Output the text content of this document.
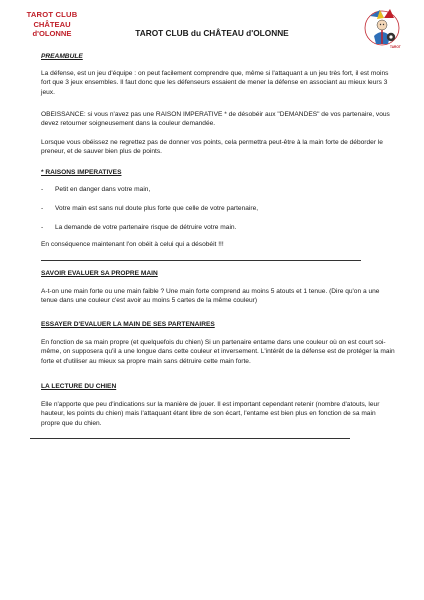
TAROT CLUB
CHÂTEAU d'OLONNE	TAROT CLUB du CHÂTEAU d'OLONNE
TAROT
PREAMBULE
La défense, est un jeu d'équipe : on peut facilement comprendre que, même si l'attaquant a un jeu très fort, il est moins fort que 3 jeux ensembles. Il faut donc que les défenseurs essaient de mener la défense en associant au mieux leurs 3 jeux.
OBEISSANCE: si vous n'avez pas une RAISON IMPERATIVE * de désobéir aux "DEMANDES" de vos partenaire, vous devez retourner soigneusement dans la couleur demandée.
Lorsque vous obéissez ne regrettez pas de donner vos points, cela permettra peut-être à la main forte de déborder le preneur, et de sauver bien plus de points.
* RAISONS IMPERATIVES
- Petit en danger dans votre main,
- Votre main est sans nul doute plus forte que celle de votre partenaire,
- La demande de votre partenaire risque de détruire votre main.
En conséquence maintenant l'on obéit à celui qui a désobéit !!!
SAVOIR EVALUER SA PROPRE MAIN
A-t-on une main forte ou une main faible ? Une main forte comprend au moins 5 atouts et 1 tenue. (Dire qu'on a une tenue dans une couleur c'est avoir au moins 5 cartes de la même couleur)
ESSAYER D'EVALUER LA MAIN DE SES PARTENAIRES
En fonction de sa main propre (et quelquefois du chien) Si un partenaire entame dans une couleur où on est court soi-même, on supposera qu'il a une longue dans cette couleur et inversement. L'intérêt de la défense est de protéger la main forte et d'utiliser au mieux sa propre main sans détruire cette main forte.
LA LECTURE DU CHIEN
Elle n'apporte que peu d'indications sur la manière de jouer. Il est important cependant retenir (nombre d'atouts, leur hauteur, les points du chien) mais l'attaquant étant libre de son écart, l'entame est bien plus en fonction de sa main propre que du chien.
